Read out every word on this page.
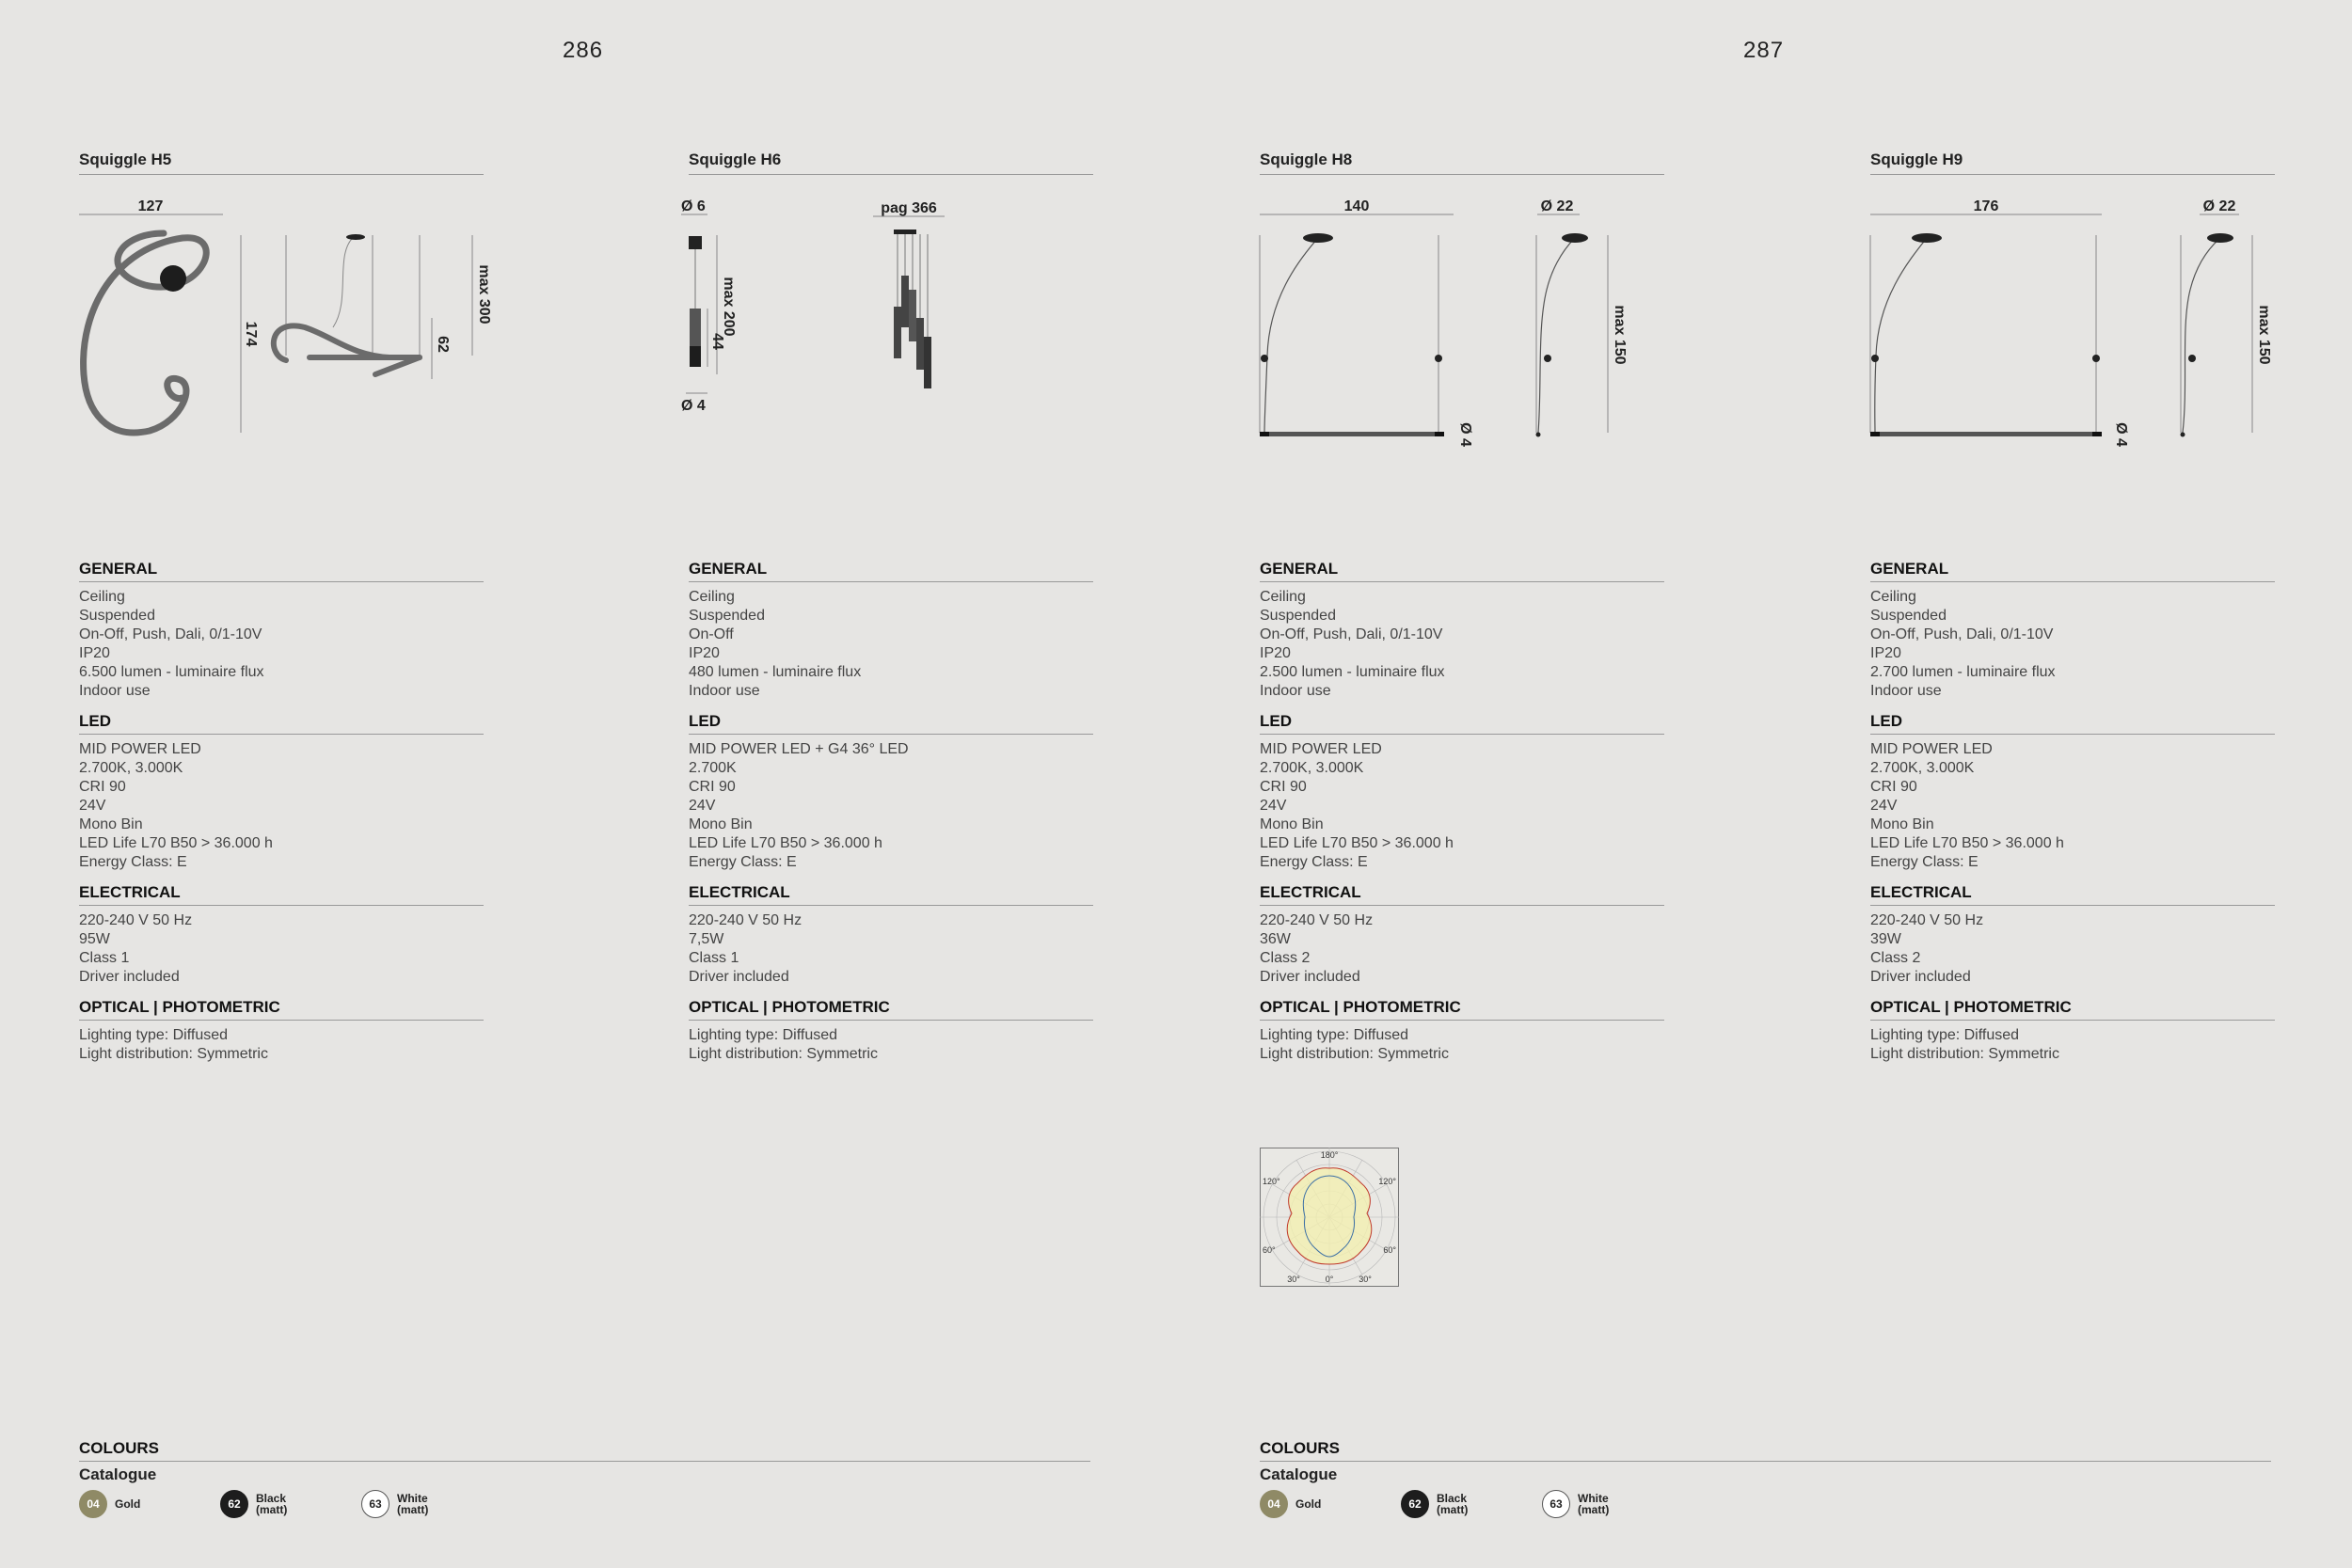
286	287
Squiggle H5	Squiggle H6	Squiggle H8	Squiggle H9
127
174	62
max 300
Ø 6
max 200
44
Ø 4
pag 366	140	Ø 22
Ø 4
max 150
176	Ø 22
Ø 4
max 150
GENERAL
Ceiling
Suspended
On-Off, Push, Dali, 0/1-10V
IP20
6.500 lumen - luminaire flux
Indoor use
LED
MID POWER LED
2.700K, 3.000K
CRI 90
24V
Mono Bin
LED Life L70 B50 > 36.000 h
Energy Class: E
ELECTRICAL
220-240 V 50 Hz
95W
Class 1
Driver included
OPTICAL | PHOTOMETRIC
Lighting type: Diffused
Light distribution: Symmetric
GENERAL
Ceiling
Suspended
On-Off
IP20
480 lumen - luminaire flux
Indoor use
LED
MID POWER LED + G4 36° LED
2.700K
CRI 90
24V
Mono Bin
LED Life L70 B50 > 36.000 h
Energy Class: E
ELECTRICAL
220-240 V 50 Hz
7,5W
Class 1
Driver included
OPTICAL | PHOTOMETRIC
Lighting type: Diffused
Light distribution: Symmetric
GENERAL
Ceiling
Suspended
On-Off, Push, Dali, 0/1-10V
IP20
2.500 lumen - luminaire flux
Indoor use
LED
MID POWER LED
2.700K, 3.000K
CRI 90
24V
Mono Bin
LED Life L70 B50 > 36.000 h
Energy Class: E
ELECTRICAL
220-240 V 50 Hz
36W
Class 2
Driver included
OPTICAL | PHOTOMETRIC
Lighting type: Diffused
Light distribution: Symmetric
GENERAL
Ceiling
Suspended
On-Off, Push, Dali, 0/1-10V
IP20
2.700 lumen - luminaire flux
Indoor use
LED
MID POWER LED
2.700K, 3.000K
CRI 90
24V
Mono Bin
LED Life L70 B50 > 36.000 h
Energy Class: E
ELECTRICAL
220-240 V 50 Hz
39W
Class 2
Driver included
OPTICAL | PHOTOMETRIC
Lighting type: Diffused
Light distribution: Symmetric
180°
120°	120°
60°	60°
30°	0°	30°
COLOURS
Catalogue
04	Gold	62	Black (matt)	63	White (matt)
COLOURS
Catalogue
04	Gold	62	Black (matt)	63	White (matt)
